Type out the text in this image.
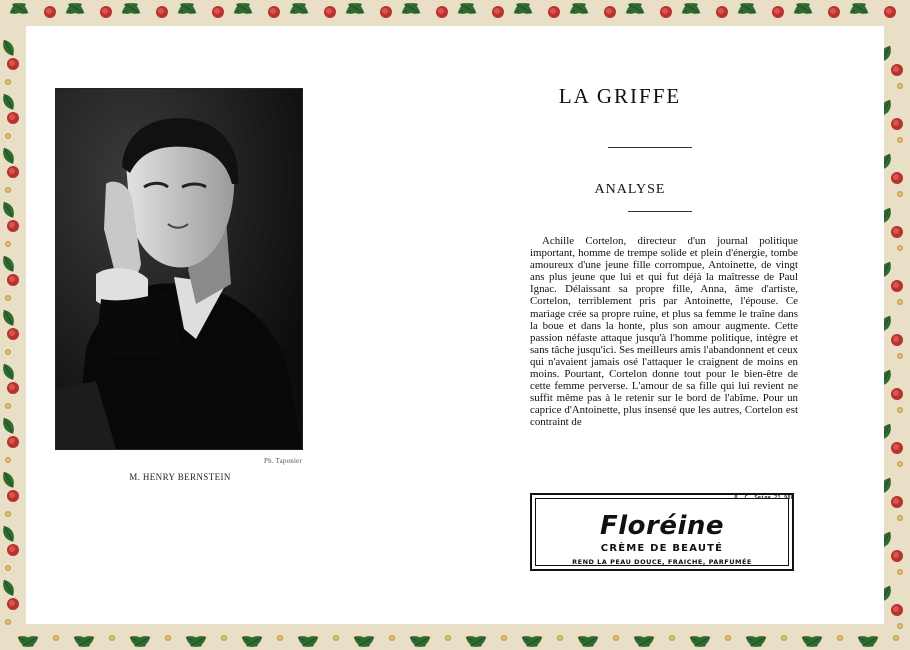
Ph. Taponier
M. HENRY BERNSTEIN
LA GRIFFE
ANALYSE
Achille Cortelon, directeur d'un journal politique important, homme de trempe solide et plein d'énergie, tombe amoureux d'une jeune fille corrompue, Antoinette, de vingt ans plus jeune que lui et qui fut déjà la maîtresse de Paul Ignac. Délaissant sa propre fille, Anna, âme d'artiste, Cortelon, terriblement pris par Antoinette, l'épouse. Ce mariage crée sa propre ruine, et plus sa femme le traîne dans la boue et dans la honte, plus son amour augmente. Cette passion néfaste attaque jusqu'à l'homme politique, intègre et sans tâche jusqu'ici. Ses meilleurs amis l'abandonnent et ceux qui n'avaient jamais osé l'attaquer le craignent de moins en moins. Pourtant, Cortelon donne tout pour le bien-être de cette femme perverse. L'amour de sa fille qui lui revient ne suffit même pas à le retenir sur le bord de l'abîme. Pour un caprice d'Antoinette, plus insensé que les autres, Cortelon est contraint de
R. C. Seine 21.988
Floréine
CRÈME DE BEAUTÉ
REND LA PEAU DOUCE, FRAICHE, PARFUMÉE
